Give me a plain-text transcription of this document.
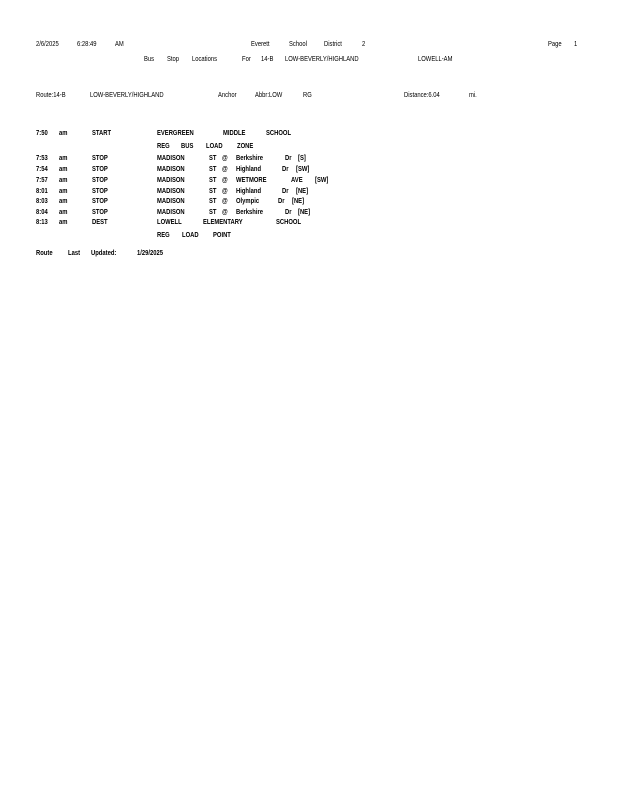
2/6/2025 6:28:49 AM	Everett	School District	2	Page 1
Bus Stop Locations	For 14-B LOW-BEVERLY/HIGHLAND	LOWELL-AM
Route:14-B	LOW-BEVERLY/HIGHLAND	Anchor Abbr:LOW	RG	Distance:6.04	mi.
7:50 am	START	EVERGREEN	MIDDLE	SCHOOL
REG BUS LOAD ZONE
7:53 am	STOP	MADISON	ST @ Berkshire	Dr [S]
7:54 am	STOP	MADISON	ST @ Highland	Dr [SW]
7:57 am	STOP	MADISON	ST @ WETMORE	AVE [SW]
8:01 am	STOP	MADISON	ST @ Highland	Dr [NE]
8:03 am	STOP	MADISON	ST @ Olympic	Dr [NE]
8:04 am	STOP	MADISON	ST @ Berkshire	Dr [NE]
8:13 am	DEST	LOWELL	ELEMENTARY	SCHOOL
REG LOAD POINT
Route Last Updated:	1/29/2025
